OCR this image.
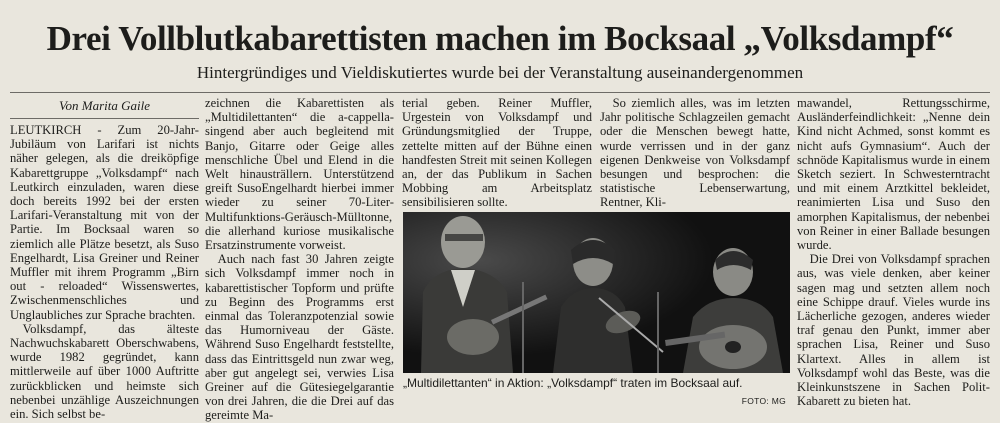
Drei Vollblutkabarettisten machen im Bocksaal „Volksdampf“
Hintergründiges und Vieldiskutiertes wurde bei der Veranstaltung auseinandergenommen
Von Marita Gaile

LEUTKIRCH - Zum 20-Jahr-Jubiläum von Larifari ist nichts näher gelegen, als die dreiköpfige Kabarettgruppe „Volksdampf“ nach Leutkirch einzuladen, waren diese doch bereits 1992 bei der ersten Larifari-Veranstaltung mit von der Partie. Im Bocksaal waren so ziemlich alle Plätze besetzt, als Suso Engelhardt, Lisa Greiner und Reiner Muffler mit ihrem Programm „Birn out - reloaded“ Wissenswertes, Zwischenmenschliches und Unglaubliches zur Sprache brachten.

Volksdampf, das älteste Nachwuchskabarett Oberschwabens, wurde 1982 gegründet, kann mittlerweile auf über 1000 Auftritte zurückblicken und heimste sich nebenbei unzählige Auszeichnungen ein. Sich selbst be-

zeichnen die Kabarettisten als „Multidilettanten“ die a-cappella-singend aber auch begleitend mit Banjo, Gitarre oder Geige alles menschliche Übel und Elend in die Welt hinausträllern. Unterstützend greift SusoEngelhardt hierbei immer wieder zu seiner 70-Liter-Multifunktions-Geräusch-Mülltonne, die allerhand kuriose musikalische Ersatzinstrumente vorweist.

Auch nach fast 30 Jahren zeigte sich Volksdampf immer noch in kabarettistischer Topform und prüfte zu Beginn des Programms erst einmal das Toleranzpotenzial sowie das Humorniveau der Gäste. Während Suso Engelhardt feststellte, dass das Eintrittsgeld nun zwar weg, aber gut angelegt sei, verwies Lisa Greiner auf die Gütesiegelgarantie von drei Jahren, die die Drei auf das gereimte Ma-

terial geben. Reiner Muffler, Urgestein von Volksdampf und Gründungsmitglied der Truppe, zettelte mitten auf der Bühne einen handfesten Streit mit seinen Kollegen an, der das Publikum in Sachen Mobbing am Arbeitsplatz sensibilisieren sollte.

So ziemlich alles, was im letzten Jahr politische Schlagzeilen gemacht oder die Menschen bewegt hatte, wurde verrissen und in der ganz eigenen Denkweise von Volksdampf besungen und besprochen: die statistische Lebenserwartung, Rentner, Kli-

mawandel, Rettungsschirme, Ausländerfeindlichkeit: „Nenne dein Kind nicht Achmed, sonst kommt es nicht aufs Gymnasium“. Auch der schnöde Kapitalismus wurde in einem Sketch seziert. In Schwesterntracht und mit einem Arztkittel bekleidet, reanimierten Lisa und Suso den amorphen Kapitalismus, der nebenbei von Reiner in einer Ballade besungen wurde.

Die Drei von Volksdampf sprachen aus, was viele denken, aber keiner sagen mag und setzten allem noch eine Schippe drauf. Vieles wurde ins Lächerliche gezogen, anderes wieder traf genau den Punkt, immer aber sprachen Lisa, Reiner und Suso Klartext. Alles in allem ist Volksdampf wohl das Beste, was die Kleinkunstszene in Sachen Polit-Kabarett zu bieten hat.

„Multidilettanten“ in Aktion: „Volksdampf“ traten im Bocksaal auf.
FOTO: MG
